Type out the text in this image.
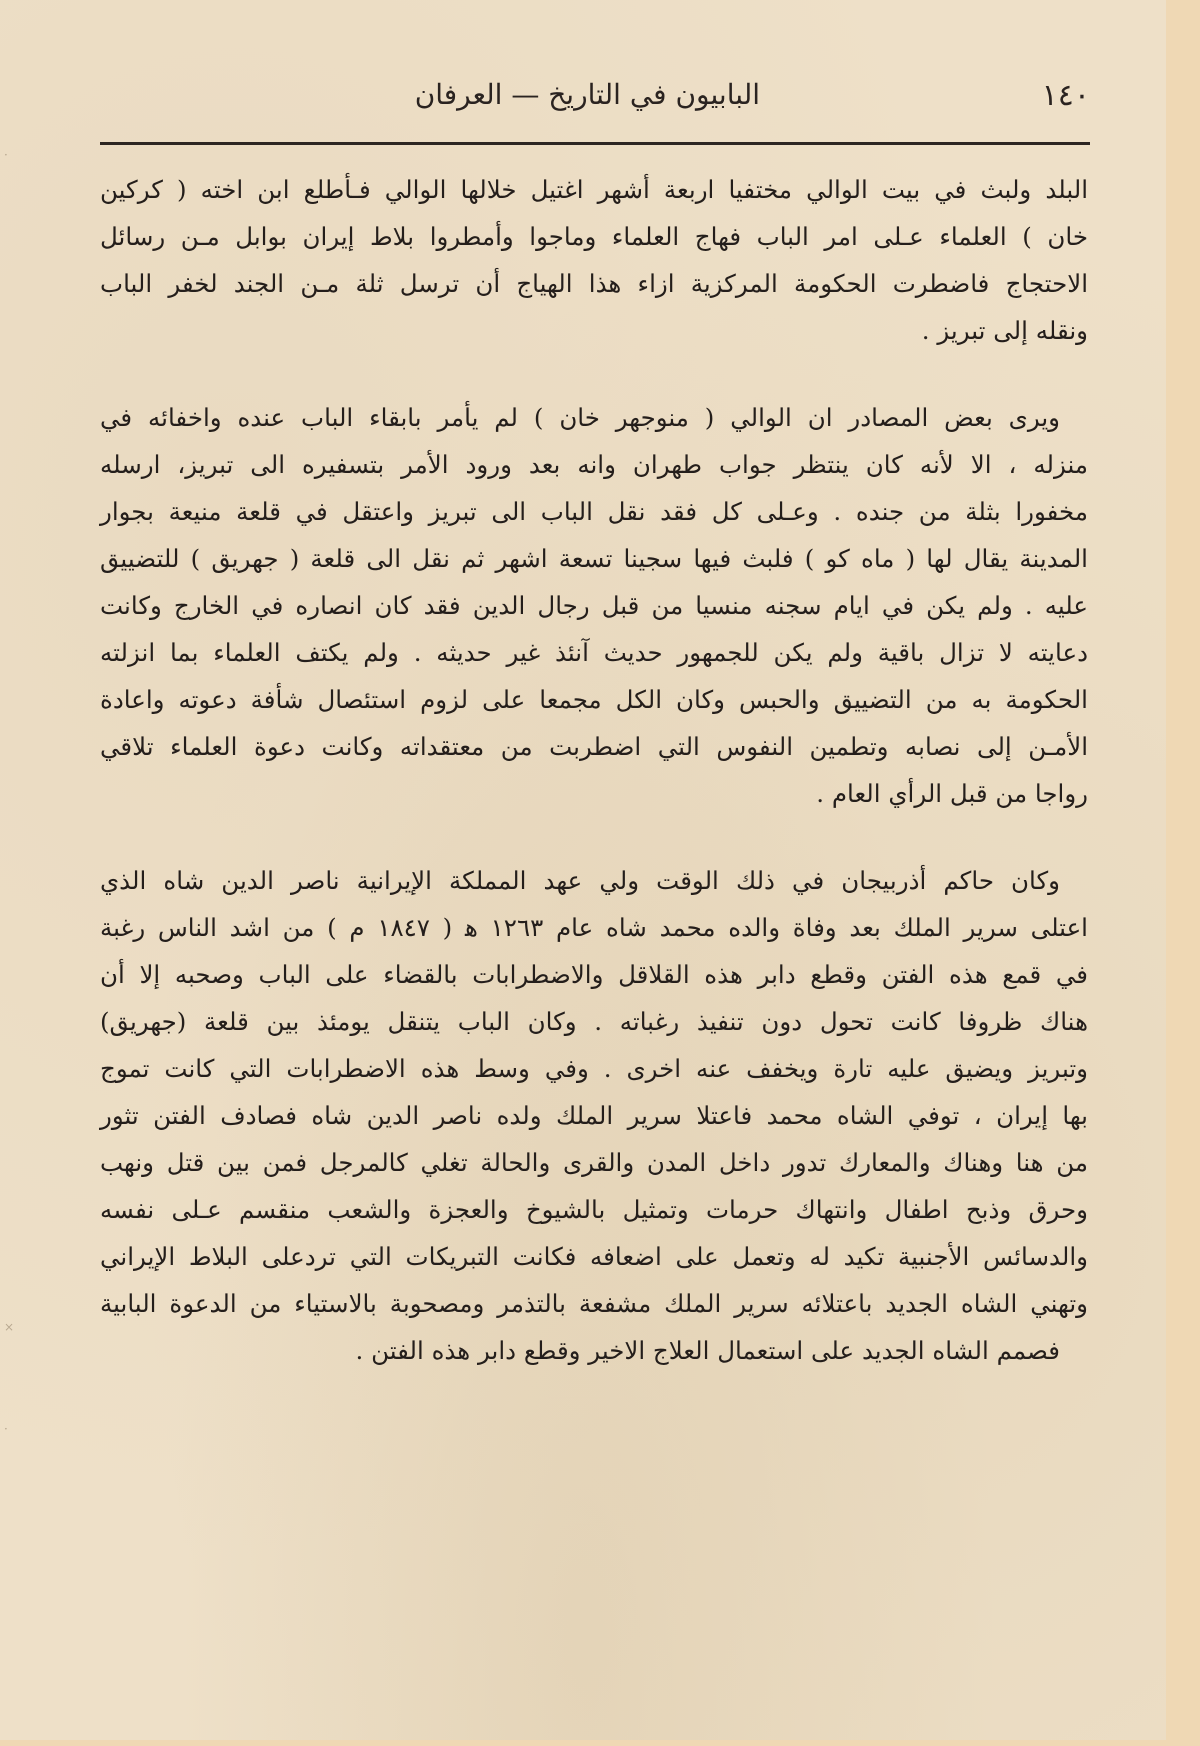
١٤٠
البابيون في التاريخ — العرفان
البلد ولبث في بيت الوالي مختفيا اربعة أشهر اغتيل خلالها الوالي فـأطلع ابن اخته ( كركين
خان ) العلماء عـلى امر الباب فهاج العلماء وماجوا وأمطروا بلاط إيران بوابل مـن رسائل
الاحتجاج فاضطرت الحكومة المركزية ازاء هذا الهياج أن ترسل ثلة مـن الجند لخفر الباب
ونقله إلى تبريز .
ويرى بعض المصادر ان الوالي ( منوجهر خان ) لم يأمر بابقاء الباب عنده واخفائه في
منزله ، الا لأنه كان ينتظر جواب طهران وانه بعد ورود الأمر بتسفيره الى تبريز، ارسله
مخفورا بثلة من جنده . وعـلى كل فقد نقل الباب الى تبريز واعتقل في قلعة منيعة بجوار
المدينة يقال لها ( ماه كو ) فلبث فيها سجينا تسعة اشهر ثم نقل الى قلعة ( جهريق ) للتضييق
عليه . ولم يكن في ايام سجنه منسيا من قبل رجال الدين فقد كان انصاره في الخارج وكانت
دعايته لا تزال باقية ولم يكن للجمهور حديث آنئذ غير حديثه . ولم يكتف العلماء بما انزلته
الحكومة به من التضييق والحبس وكان الكل مجمعا على لزوم استئصال شأفة دعوته واعادة
الأمـن إلى نصابه وتطمين النفوس التي اضطربت من معتقداته وكانت دعوة العلماء تلاقي
رواجا من قبل الرأي العام .
وكان حاكم أذربيجان في ذلك الوقت ولي عهد المملكة الإيرانية ناصر الدين شاه الذي
اعتلى سرير الملك بعد وفاة والده محمد شاه عام ١٢٦٣ ﻫ ( ١٨٤٧ م ) من اشد الناس رغبة
في قمع هذه الفتن وقطع دابر هذه القلاقل والاضطرابات بالقضاء على الباب وصحبه إلا أن
هناك ظروفا كانت تحول دون تنفيذ رغباته . وكان الباب يتنقل يومئذ بين قلعة (جهريق)
وتبريز ويضيق عليه تارة ويخفف عنه اخرى . وفي وسط هذه الاضطرابات التي كانت تموج
بها إيران ، توفي الشاه محمد فاعتلا سرير الملك ولده ناصر الدين شاه فصادف الفتن تثور
من هنا وهناك والمعارك تدور داخل المدن والقرى والحالة تغلي كالمرجل فمن بين قتل ونهب
وحرق وذبح اطفال وانتهاك حرمات وتمثيل بالشيوخ والعجزة والشعب منقسم عـلى نفسه
والدسائس الأجنبية تكيد له وتعمل على اضعافه فكانت التبريكات التي تردعلى البلاط الإيراني
وتهني الشاه الجديد باعتلائه سرير الملك مشفعة بالتذمر ومصحوبة بالاستياء من الدعوة البابية
فصمم الشاه الجديد على استعمال العلاج الاخير وقطع دابر هذه الفتن .
·
×
·
